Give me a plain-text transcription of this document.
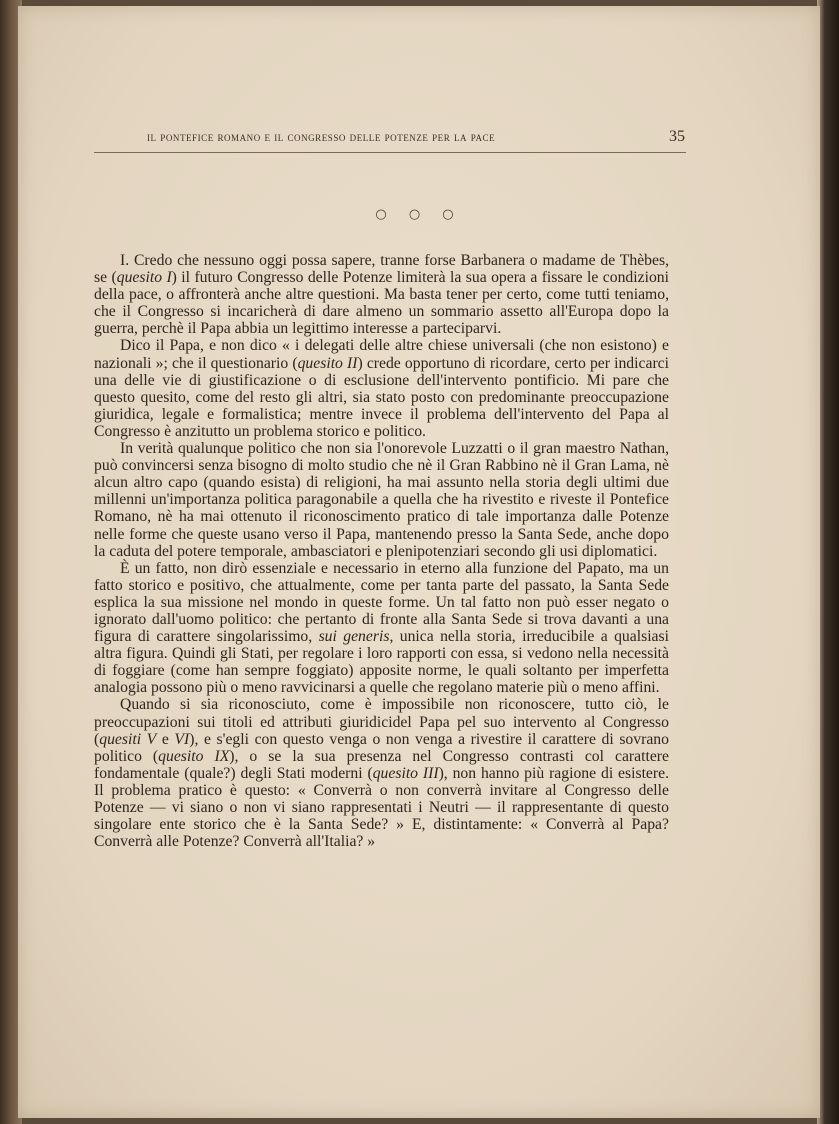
il pontefice romano e il congresso delle potenze per la pace	35
○ ○ ○

I. Credo che nessuno oggi possa sapere, tranne forse Barbanera o madame de Thèbes, se (quesito I) il futuro Congresso delle Potenze limiterà la sua opera a fissare le condizioni della pace, o affronterà anche altre questioni. Ma basta tener per certo, come tutti teniamo, che il Congresso si incaricherà di dare almeno un sommario assetto all'Europa dopo la guerra, perchè il Papa abbia un legittimo interesse a parteciparvi.

Dico il Papa, e non dico « i delegati delle altre chiese universali (che non esistono) e nazionali »; che il questionario (quesito II) crede opportuno di ricordare, certo per indicarci una delle vie di giustificazione o di esclusione dell'intervento pontificio. Mi pare che questo quesito, come del resto gli altri, sia stato posto con predominante preoccupazione giuridica, legale e formalistica; mentre invece il problema dell'intervento del Papa al Congresso è anzitutto un problema storico e politico.

In verità qualunque politico che non sia l'onorevole Luzzatti o il gran maestro Nathan, può convincersi senza bisogno di molto studio che nè il Gran Rabbino nè il Gran Lama, nè alcun altro capo (quando esista) di religioni, ha mai assunto nella storia degli ultimi due millenni un'importanza politica paragonabile a quella che ha rivestito e riveste il Pontefice Romano, nè ha mai ottenuto il riconoscimento pratico di tale importanza dalle Potenze nelle forme che queste usano verso il Papa, mantenendo presso la Santa Sede, anche dopo la caduta del potere temporale, ambasciatori e plenipotenziari secondo gli usi diplomatici.

È un fatto, non dirò essenziale e necessario in eterno alla funzione del Papato, ma un fatto storico e positivo, che attualmente, come per tanta parte del passato, la Santa Sede esplica la sua missione nel mondo in queste forme. Un tal fatto non può esser negato o ignorato dall'uomo politico: che pertanto di fronte alla Santa Sede si trova davanti a una figura di carattere singolarissimo, sui generis, unica nella storia, irreducibile a qualsiasi altra figura. Quindi gli Stati, per regolare i loro rapporti con essa, si vedono nella necessità di foggiare (come han sempre foggiato) apposite norme, le quali soltanto per imperfetta analogia possono più o meno ravvicinarsi a quelle che regolano materie più o meno affini.

Quando si sia riconosciuto, come è impossibile non riconoscere, tutto ciò, le preoccupazioni sui titoli ed attributi giuridicidel Papa pel suo intervento al Congresso (quesiti V e VI), e s'egli con questo venga o non venga a rivestire il carattere di sovrano politico (quesito IX), o se la sua presenza nel Congresso contrasti col carattere fondamentale (quale?) degli Stati moderni (quesito III), non hanno più ragione di esistere. Il problema pratico è questo: « Converrà o non converrà invitare al Congresso delle Potenze — vi siano o non vi siano rappresentati i Neutri — il rappresentante di questo singolare ente storico che è la Santa Sede? » E, distintamente: « Converrà al Papa? Converrà alle Potenze? Converrà all'Italia? »
